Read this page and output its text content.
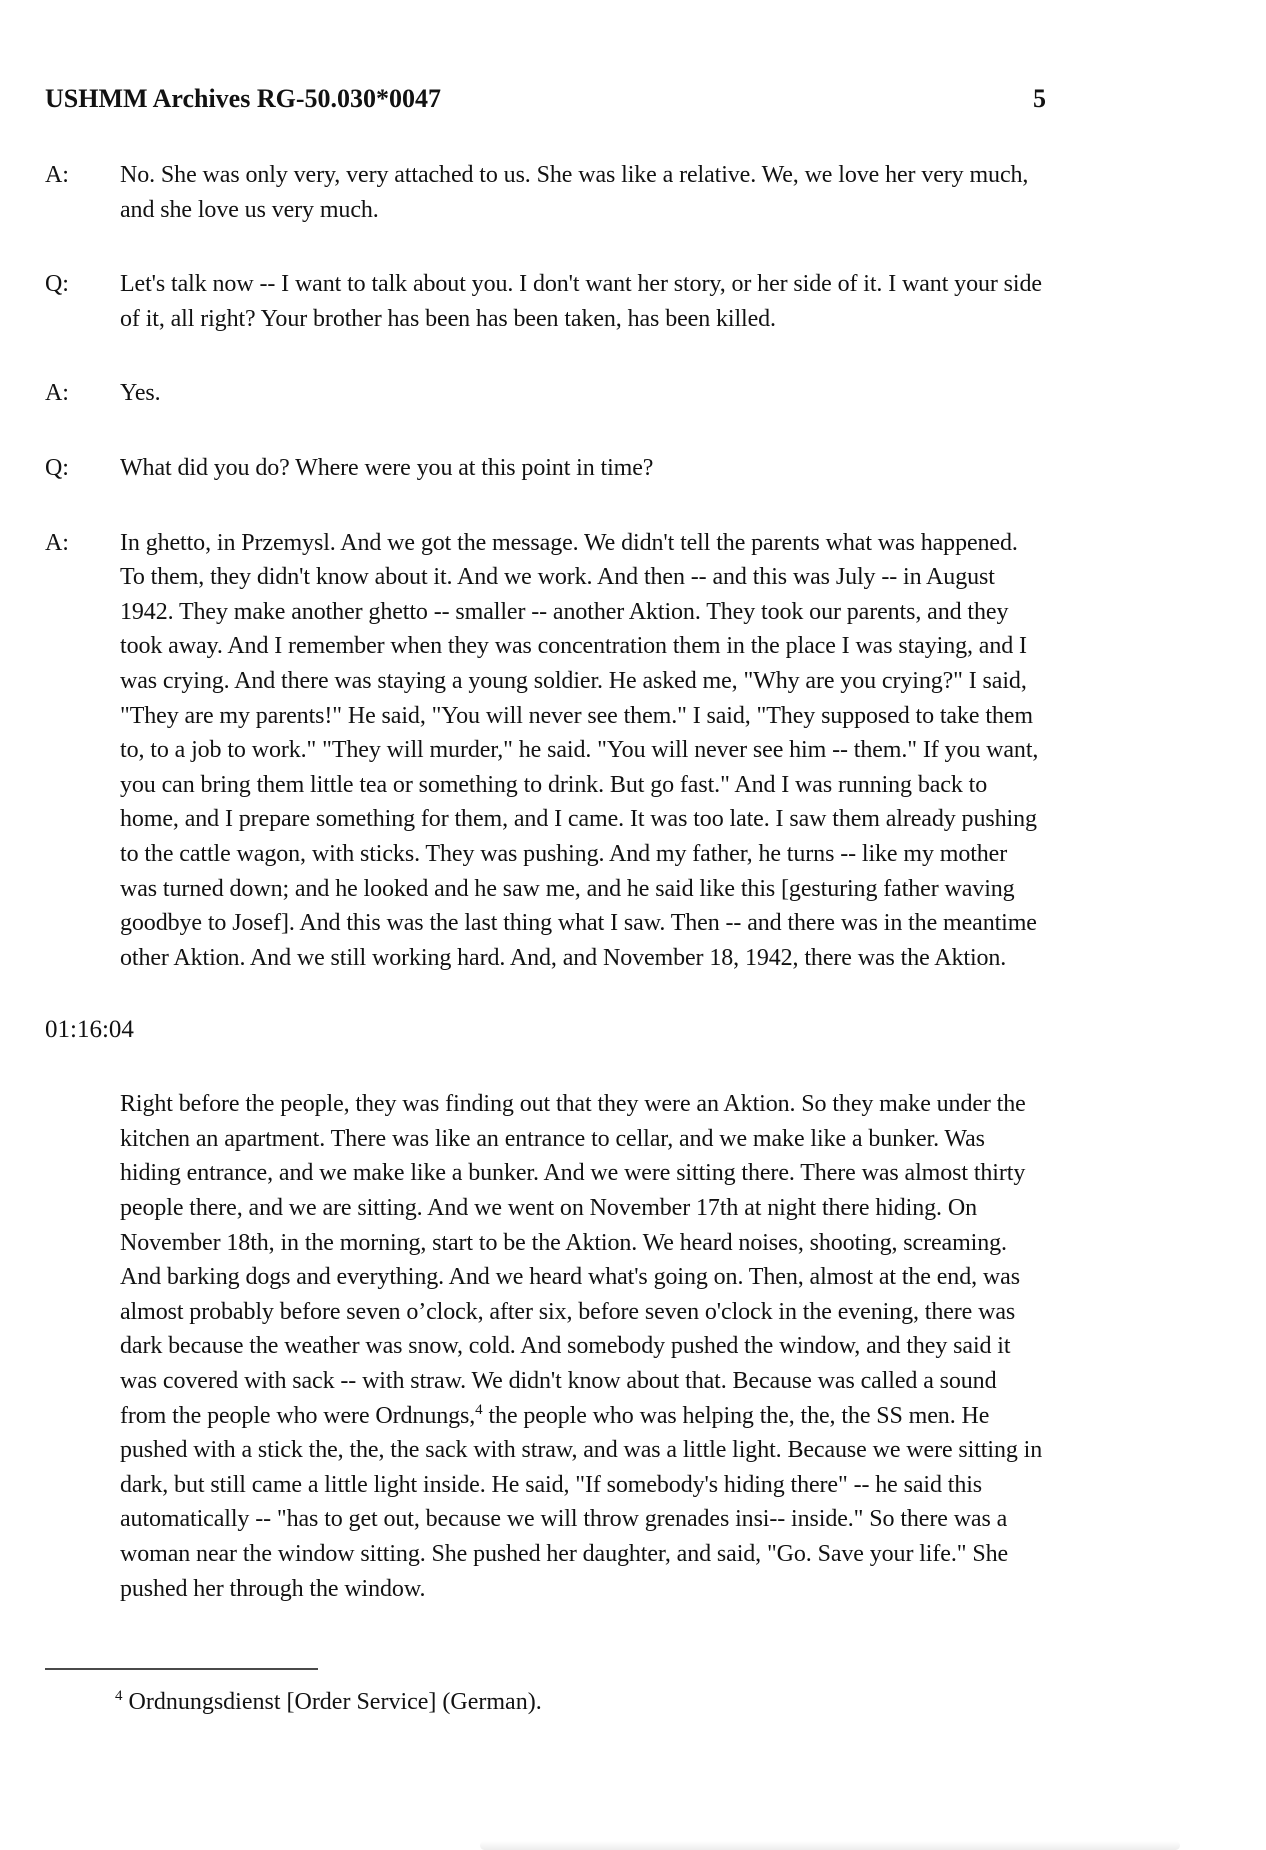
USHMM Archives RG-50.030*0047	5
A:	No. She was only very, very attached to us. She was like a relative. We, we love her very much, and she love us very much.
Q:	Let's talk now -- I want to talk about you. I don't want her story, or her side of it. I want your side of it, all right? Your brother has been has been taken, has been killed.
A:	Yes.
Q:	What did you do? Where were you at this point in time?
A:	In ghetto, in Przemysl. And we got the message. We didn't tell the parents what was happened. To them, they didn't know about it. And we work. And then -- and this was July -- in August 1942. They make another ghetto -- smaller -- another Aktion. They took our parents, and they took away. And I remember when they was concentration them in the place I was staying, and I was crying. And there was staying a young soldier. He asked me, "Why are you crying?" I said, "They are my parents!" He said, "You will never see them." I said, "They supposed to take them to, to a job to work." "They will murder," he said. "You will never see him -- them." If you want, you can bring them little tea or something to drink. But go fast." And I was running back to home, and I prepare something for them, and I came. It was too late. I saw them already pushing to the cattle wagon, with sticks. They was pushing. And my father, he turns -- like my mother was turned down; and he looked and he saw me, and he said like this [gesturing father waving goodbye to Josef]. And this was the last thing what I saw. Then -- and there was in the meantime other Aktion. And we still working hard. And, and November 18, 1942, there was the Aktion.
01:16:04
Right before the people, they was finding out that they were an Aktion. So they make under the kitchen an apartment. There was like an entrance to cellar, and we make like a bunker. Was hiding entrance, and we make like a bunker. And we were sitting there. There was almost thirty people there, and we are sitting. And we went on November 17th at night there hiding. On November 18th, in the morning, start to be the Aktion. We heard noises, shooting, screaming. And barking dogs and everything. And we heard what's going on. Then, almost at the end, was almost probably before seven o’clock, after six, before seven o'clock in the evening, there was dark because the weather was snow, cold. And somebody pushed the window, and they said it was covered with sack -- with straw. We didn't know about that. Because was called a sound from the people who were Ordnungs,$^4$ the people who was helping the, the, the SS men. He pushed with a stick the, the, the sack with straw, and was a little light. Because we were sitting in dark, but still came a little light inside. He said, "If somebody's hiding there" -- he said this automatically -- "has to get out, because we will throw grenades insi-- inside." So there was a woman near the window sitting. She pushed her daughter, and said, "Go. Save your life." She pushed her through the window.
$^4$ Ordnungsdienst [Order Service] (German).
